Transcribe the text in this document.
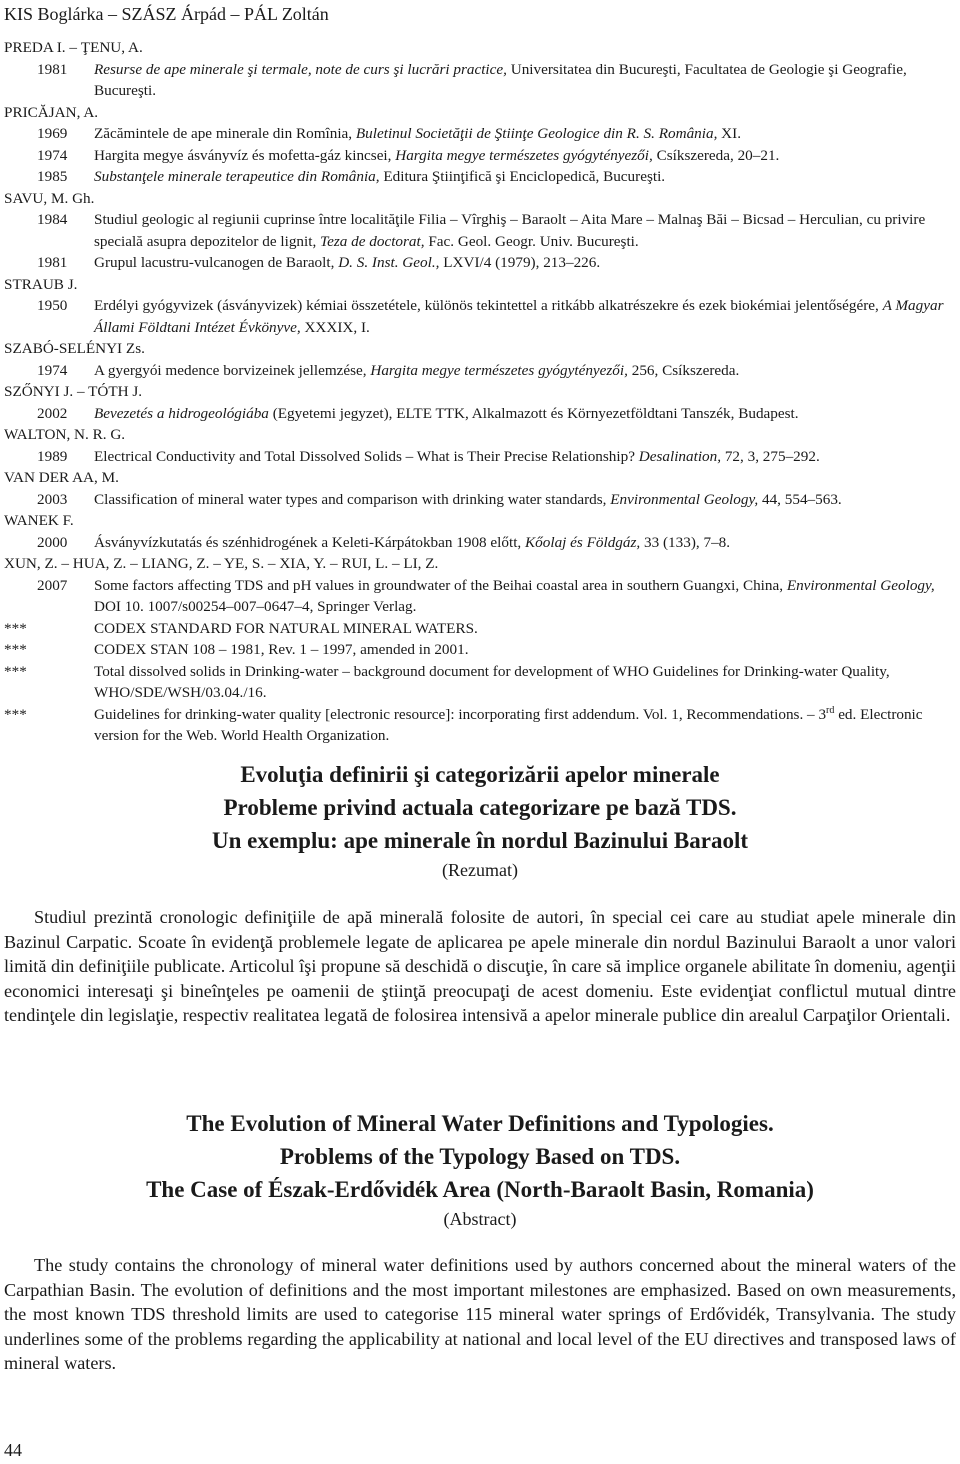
KIS Boglárka – SZÁSZ Árpád – PÁL Zoltán
PREDA I. – ŢENU, A.
1981	Resurse de ape minerale şi termale, note de curs şi lucrări practice, Universitatea din Bucureşti, Facultatea de Geologie şi Geografie, Bucureşti.
PRICĂJAN, A.
1969	Zăcămintele de ape minerale din Romînia, Buletinul Societăţii de Ştiinţe Geologice din R. S. România, XI.
1974	Hargita megye ásványvíz és mofetta-gáz kincsei, Hargita megye természetes gyógytényezői, Csíkszereda, 20–21.
1985	Substanţele minerale terapeutice din România, Editura Ştiinţifică şi Enciclopedică, Bucureşti.
SAVU, M. Gh.
1984	Studiul geologic al regiunii cuprinse între localităţile Filia – Vîrghiş – Baraolt – Aita Mare – Malnaş Băi – Bicsad – Herculian, cu privire specială asupra depozitelor de lignit, Teza de doctorat, Fac. Geol. Geogr. Univ. Bucureşti.
1981	Grupul lacustru-vulcanogen de Baraolt, D. S. Inst. Geol., LXVI/4 (1979), 213–226.
STRAUB J.
1950	Erdélyi gyógyvizek (ásványvizek) kémiai összetétele, különös tekintettel a ritkább alkatrészekre és ezek biokémiai jelentőségére, A Magyar Állami Földtani Intézet Évkönyve, XXXIX, I.
SZABÓ-SELÉNYI Zs.
1974	A gyergyói medence borvizeinek jellemzése, Hargita megye természetes gyógytényezői, 256, Csíkszereda.
SZŐNYI J. – TÓTH J.
2002	Bevezetés a hidrogeológiába (Egyetemi jegyzet), ELTE TTK, Alkalmazott és Környezetföldtani Tanszék, Budapest.
WALTON, N. R. G.
1989	Electrical Conductivity and Total Dissolved Solids – What is Their Precise Relationship? Desalination, 72, 3, 275–292.
VAN DER AA, M.
2003	Classification of mineral water types and comparison with drinking water standards, Environmental Geology, 44, 554–563.
WANEK F.
2000	Ásványvízkutatás és szénhidrogének a Keleti-Kárpátokban 1908 előtt, Kőolaj és Földgáz, 33 (133), 7–8.
XUN, Z. – HUA, Z. – LIANG, Z. – YE, S. – XIA, Y. – RUI, L. – LI, Z.
2007	Some factors affecting TDS and pH values in groundwater of the Beihai coastal area in southern Guangxi, China, Environmental Geology, DOI 10. 1007/s00254–007–0647–4, Springer Verlag.
***	CODEX STANDARD FOR NATURAL MINERAL WATERS.
***	CODEX STAN 108 – 1981, Rev. 1 – 1997, amended in 2001.
***	Total dissolved solids in Drinking-water – background document for development of WHO Guidelines for Drinking-water Quality, WHO/SDE/WSH/03.04./16.
***	Guidelines for drinking-water quality [electronic resource]: incorporating first addendum. Vol. 1, Recommendations. – 3rd ed. Electronic version for the Web. World Health Organization.
Evoluţia definirii şi categorizării apelor minerale
Probleme privind actuala categorizare pe bază TDS.
Un exemplu: ape minerale în nordul Bazinului Baraolt
(Rezumat)
Studiul prezintă cronologic definiţiile de apă minerală folosite de autori, în special cei care au studiat apele minerale din Bazinul Carpatic. Scoate în evidenţă problemele legate de aplicarea pe apele minerale din nordul Bazinului Baraolt a unor valori limită din definiţiile publicate. Articolul îşi propune să deschidă o discuţie, în care să implice organele abilitate în domeniu, agenţii economici interesaţi şi bineînţeles pe oamenii de ştiinţă preocupaţi de acest domeniu. Este evidenţiat conflictul mutual dintre tendinţele din legislaţie, respectiv realitatea legată de folosirea intensivă a apelor minerale publice din arealul Carpaţilor Orientali.
The Evolution of Mineral Water Definitions and Typologies.
Problems of the Typology Based on TDS.
The Case of Észak-Erdővidék Area (North-Baraolt Basin, Romania)
(Abstract)
The study contains the chronology of mineral water definitions used by authors concerned about the mineral waters of the Carpathian Basin. The evolution of definitions and the most important milestones are emphasized. Based on own measurements, the most known TDS threshold limits are used to categorise 115 mineral water springs of Erdővidék, Transylvania. The study underlines some of the problems regarding the applicability at national and local level of the EU directives and transposed laws of mineral waters.
44
